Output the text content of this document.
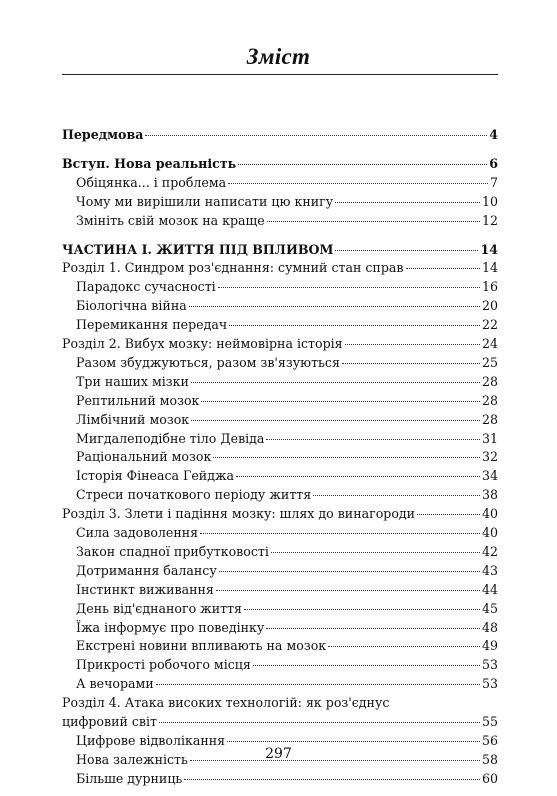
Зміст
Передмова	4
Вступ. Нова реальність	6
Обіцянка... і проблема	7
Чому ми вирішили написати цю книгу	10
Змініть свій мозок на краще	12
ЧАСТИНА І. ЖИТТЯ ПІД ВПЛИВОМ	14
Розділ 1. Синдром роз'єднання: сумний стан справ	14
Парадокс сучасності	16
Біологічна війна	20
Перемикання передач	22
Розділ 2. Вибух мозку: неймовірна історія	24
Разом збуджуються, разом зв'язуються	25
Три наших мізки	28
Рептильний мозок	28
Лімбічний мозок	28
Мигдалеподібне тіло Девіда	31
Раціональний мозок	32
Історія Фінеаса Гейджа	34
Стреси початкового періоду життя	38
Розділ 3. Злети і падіння мозку: шлях до винагороди	40
Сила задоволення	40
Закон спадної прибутковості	42
Дотримання балансу	43
Інстинкт виживання	44
День від'єднаного життя	45
Їжа інформує про поведінку	48
Екстрені новини впливають на мозок	49
Прикрості робочого місця	53
А вечорами	53
Розділ 4. Атака високих технологій: як роз'єднус
цифровий світ	55
Цифрове відволікання	56
Нова залежність	58
Більше дурниць	60
297
